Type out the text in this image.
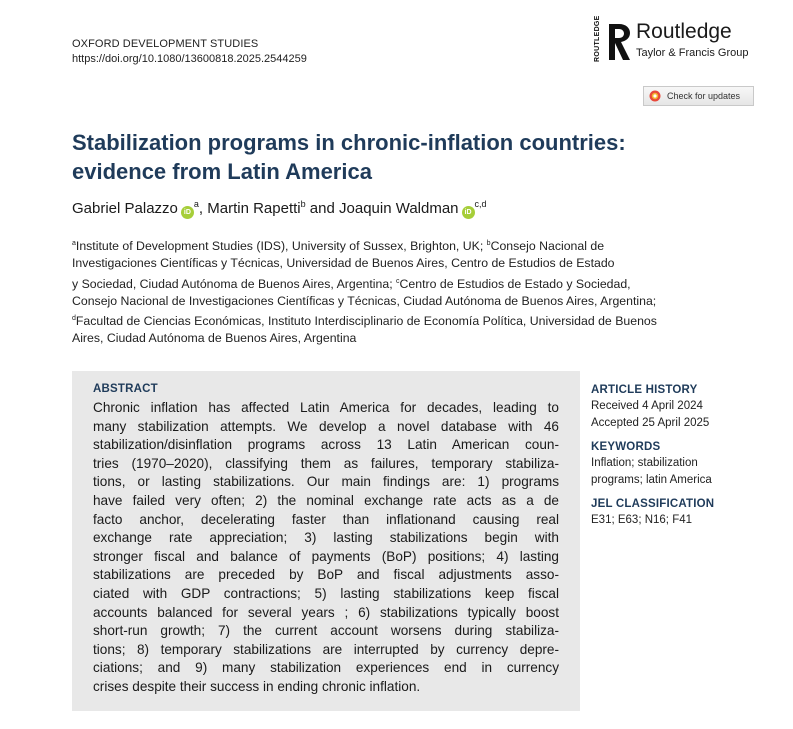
OXFORD DEVELOPMENT STUDIES
https://doi.org/10.1080/13600818.2025.2544259	ROUTLEDGE Routledge
Taylor & Francis Group
Check for updates
Stabilization programs in chronic-inflation countries:
evidence from Latin America
Gabriel Palazzo $iD^a$, Martin Rapetti$^b$ and Joaquin Waldman iD$^{c,d}$
$^a$Institute of Development Studies (IDS), University of Sussex, Brighton, UK; $^b$Consejo Nacional de
Investigaciones Científicas y Técnicas, Universidad de Buenos Aires, Centro de Estudios de Estado
y Sociedad, Ciudad Autónoma de Buenos Aires, Argentina; $^c$Centro de Estudios de Estado y Sociedad,
Consejo Nacional de Investigaciones Científicas y Técnicas, Ciudad Autónoma de Buenos Aires, Argentina;
$^d$Facultad de Ciencias Económicas, Instituto Interdisciplinario de Economía Política, Universidad de Buenos
Aires, Ciudad Autónoma de Buenos Aires, Argentina
ABSTRACT
Chronic inflation has affected Latin America for decades, leading to
many stabilization attempts. We develop a novel database with 46
stabilization/disinflation programs across 13 Latin American coun-
tries (1970–2020), classifying them as failures, temporary stabiliza-
tions, or lasting stabilizations. Our main findings are: 1) programs
have failed very often; 2) the nominal exchange rate acts as a de
facto anchor, decelerating faster than inflationand causing real
exchange rate appreciation; 3) lasting stabilizations begin with
stronger fiscal and balance of payments (BoP) positions; 4) lasting
stabilizations are preceded by BoP and fiscal adjustments asso-
ciated with GDP contractions; 5) lasting stabilizations keep fiscal
accounts balanced for several years ; 6) stabilizations typically boost
short-run growth; 7) the current account worsens during stabiliza-
tions; 8) temporary stabilizations are interrupted by currency depre-
ciations; and 9) many stabilization experiences end in currency
crises despite their success in ending chronic inflation.
ARTICLE HISTORY
Received 4 April 2024
Accepted 25 April 2025
KEYWORDS
Inflation; stabilization
programs; latin America
JEL CLASSIFICATION
E31; E63; N16; F41
